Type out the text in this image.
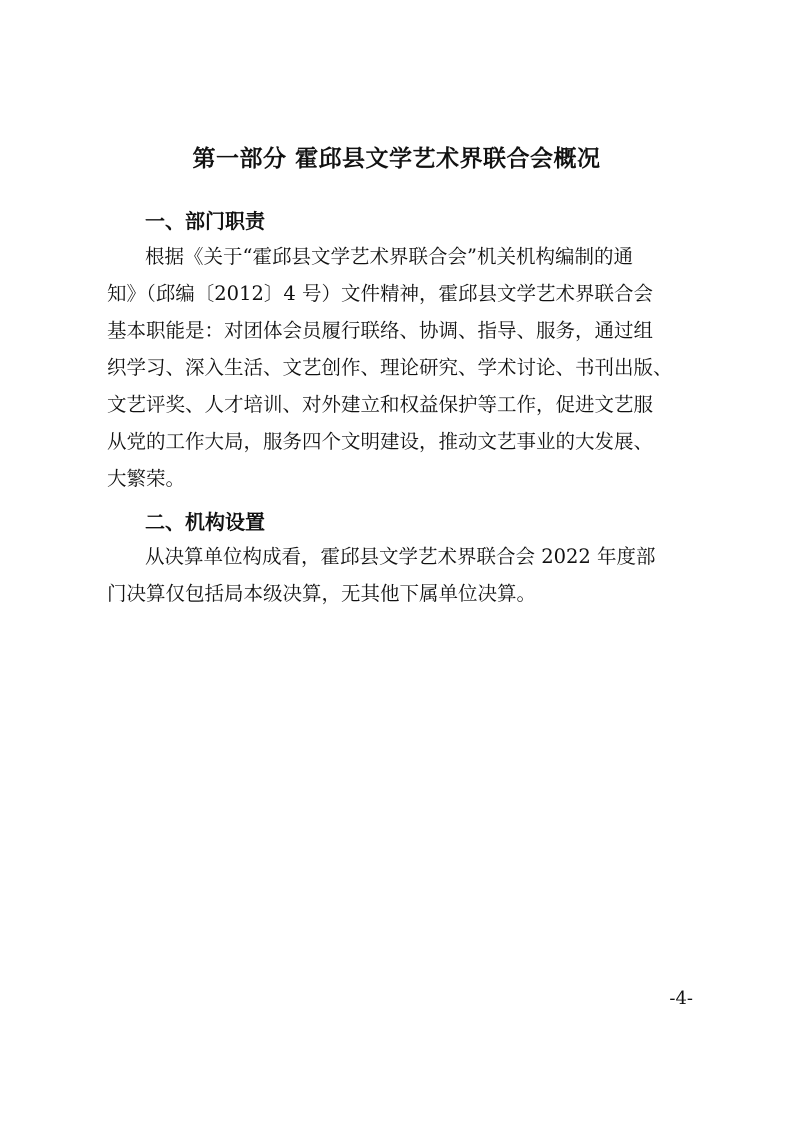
第一部分 霍邱县文学艺术界联合会概况
一、部门职责
根据《关于“霍邱县文学艺术界联合会”机关机构编制的通
知》（邱编〔2012〕4 号）文件精神，霍邱县文学艺术界联合会
基本职能是：对团体会员履行联络、协调、指导、服务，通过组
织学习、深入生活、文艺创作、理论研究、学术讨论、书刊出版、
文艺评奖、人才培训、对外建立和权益保护等工作，促进文艺服
从党的工作大局，服务四个文明建设，推动文艺事业的大发展、
大繁荣。
二、机构设置
从决算单位构成看，霍邱县文学艺术界联合会 2022 年度部
门决算仅包括局本级决算，无其他下属单位决算。
-4-
